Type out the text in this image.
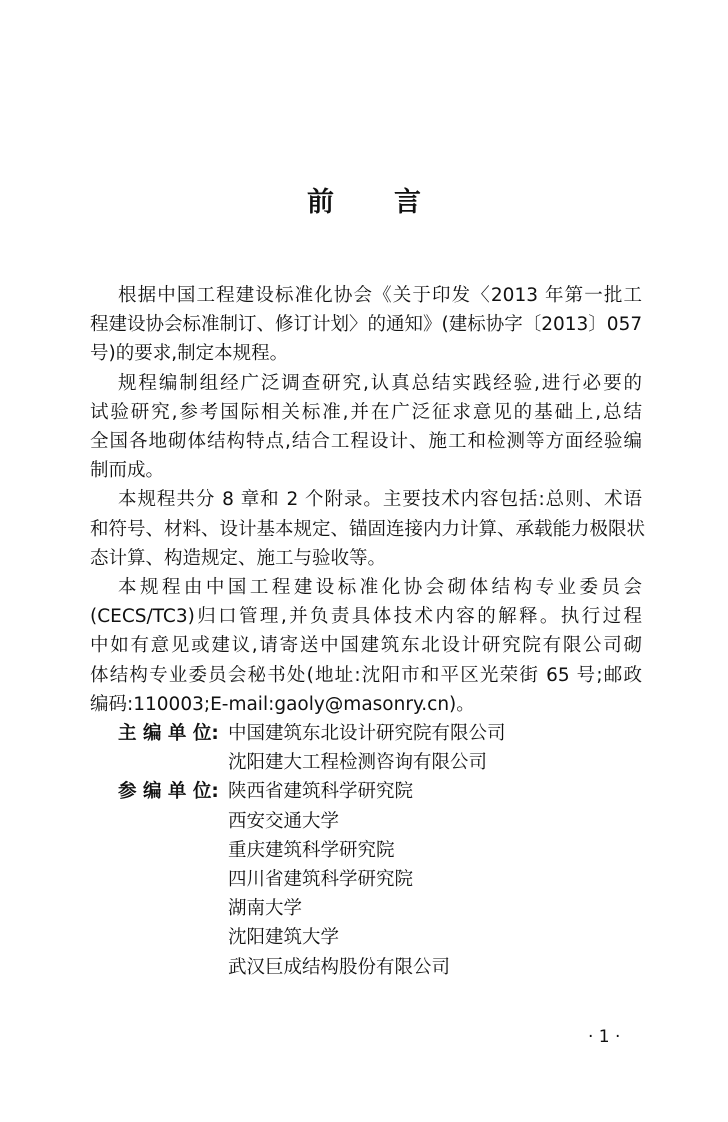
前言
根据中国工程建设标准化协会《关于印发〈2013 年第一批工
程建设协会标准制订、修订计划〉的通知》(建标协字〔2013〕057
号)的要求,制定本规程。
规程编制组经广泛调查研究,认真总结实践经验,进行必要的
试验研究,参考国际相关标准,并在广泛征求意见的基础上,总结
全国各地砌体结构特点,结合工程设计、施工和检测等方面经验编
制而成。
本规程共分 8 章和 2 个附录。主要技术内容包括:总则、术语
和符号、材料、设计基本规定、锚固连接内力计算、承载能力极限状
态计算、构造规定、施工与验收等。
本规程由中国工程建设标准化协会砌体结构专业委员会
(CECS/TC3)归口管理,并负责具体技术内容的解释。执行过程
中如有意见或建议,请寄送中国建筑东北设计研究院有限公司砌
体结构专业委员会秘书处(地址:沈阳市和平区光荣街 65 号;邮政
编码:110003;E-mail:gaoly@masonry.cn)。
主 编 单 位: 中国建筑东北设计研究院有限公司
沈阳建大工程检测咨询有限公司
参 编 单 位: 陕西省建筑科学研究院
西安交通大学
重庆建筑科学研究院
四川省建筑科学研究院
湖南大学
沈阳建筑大学
武汉巨成结构股份有限公司
· 1 ·
